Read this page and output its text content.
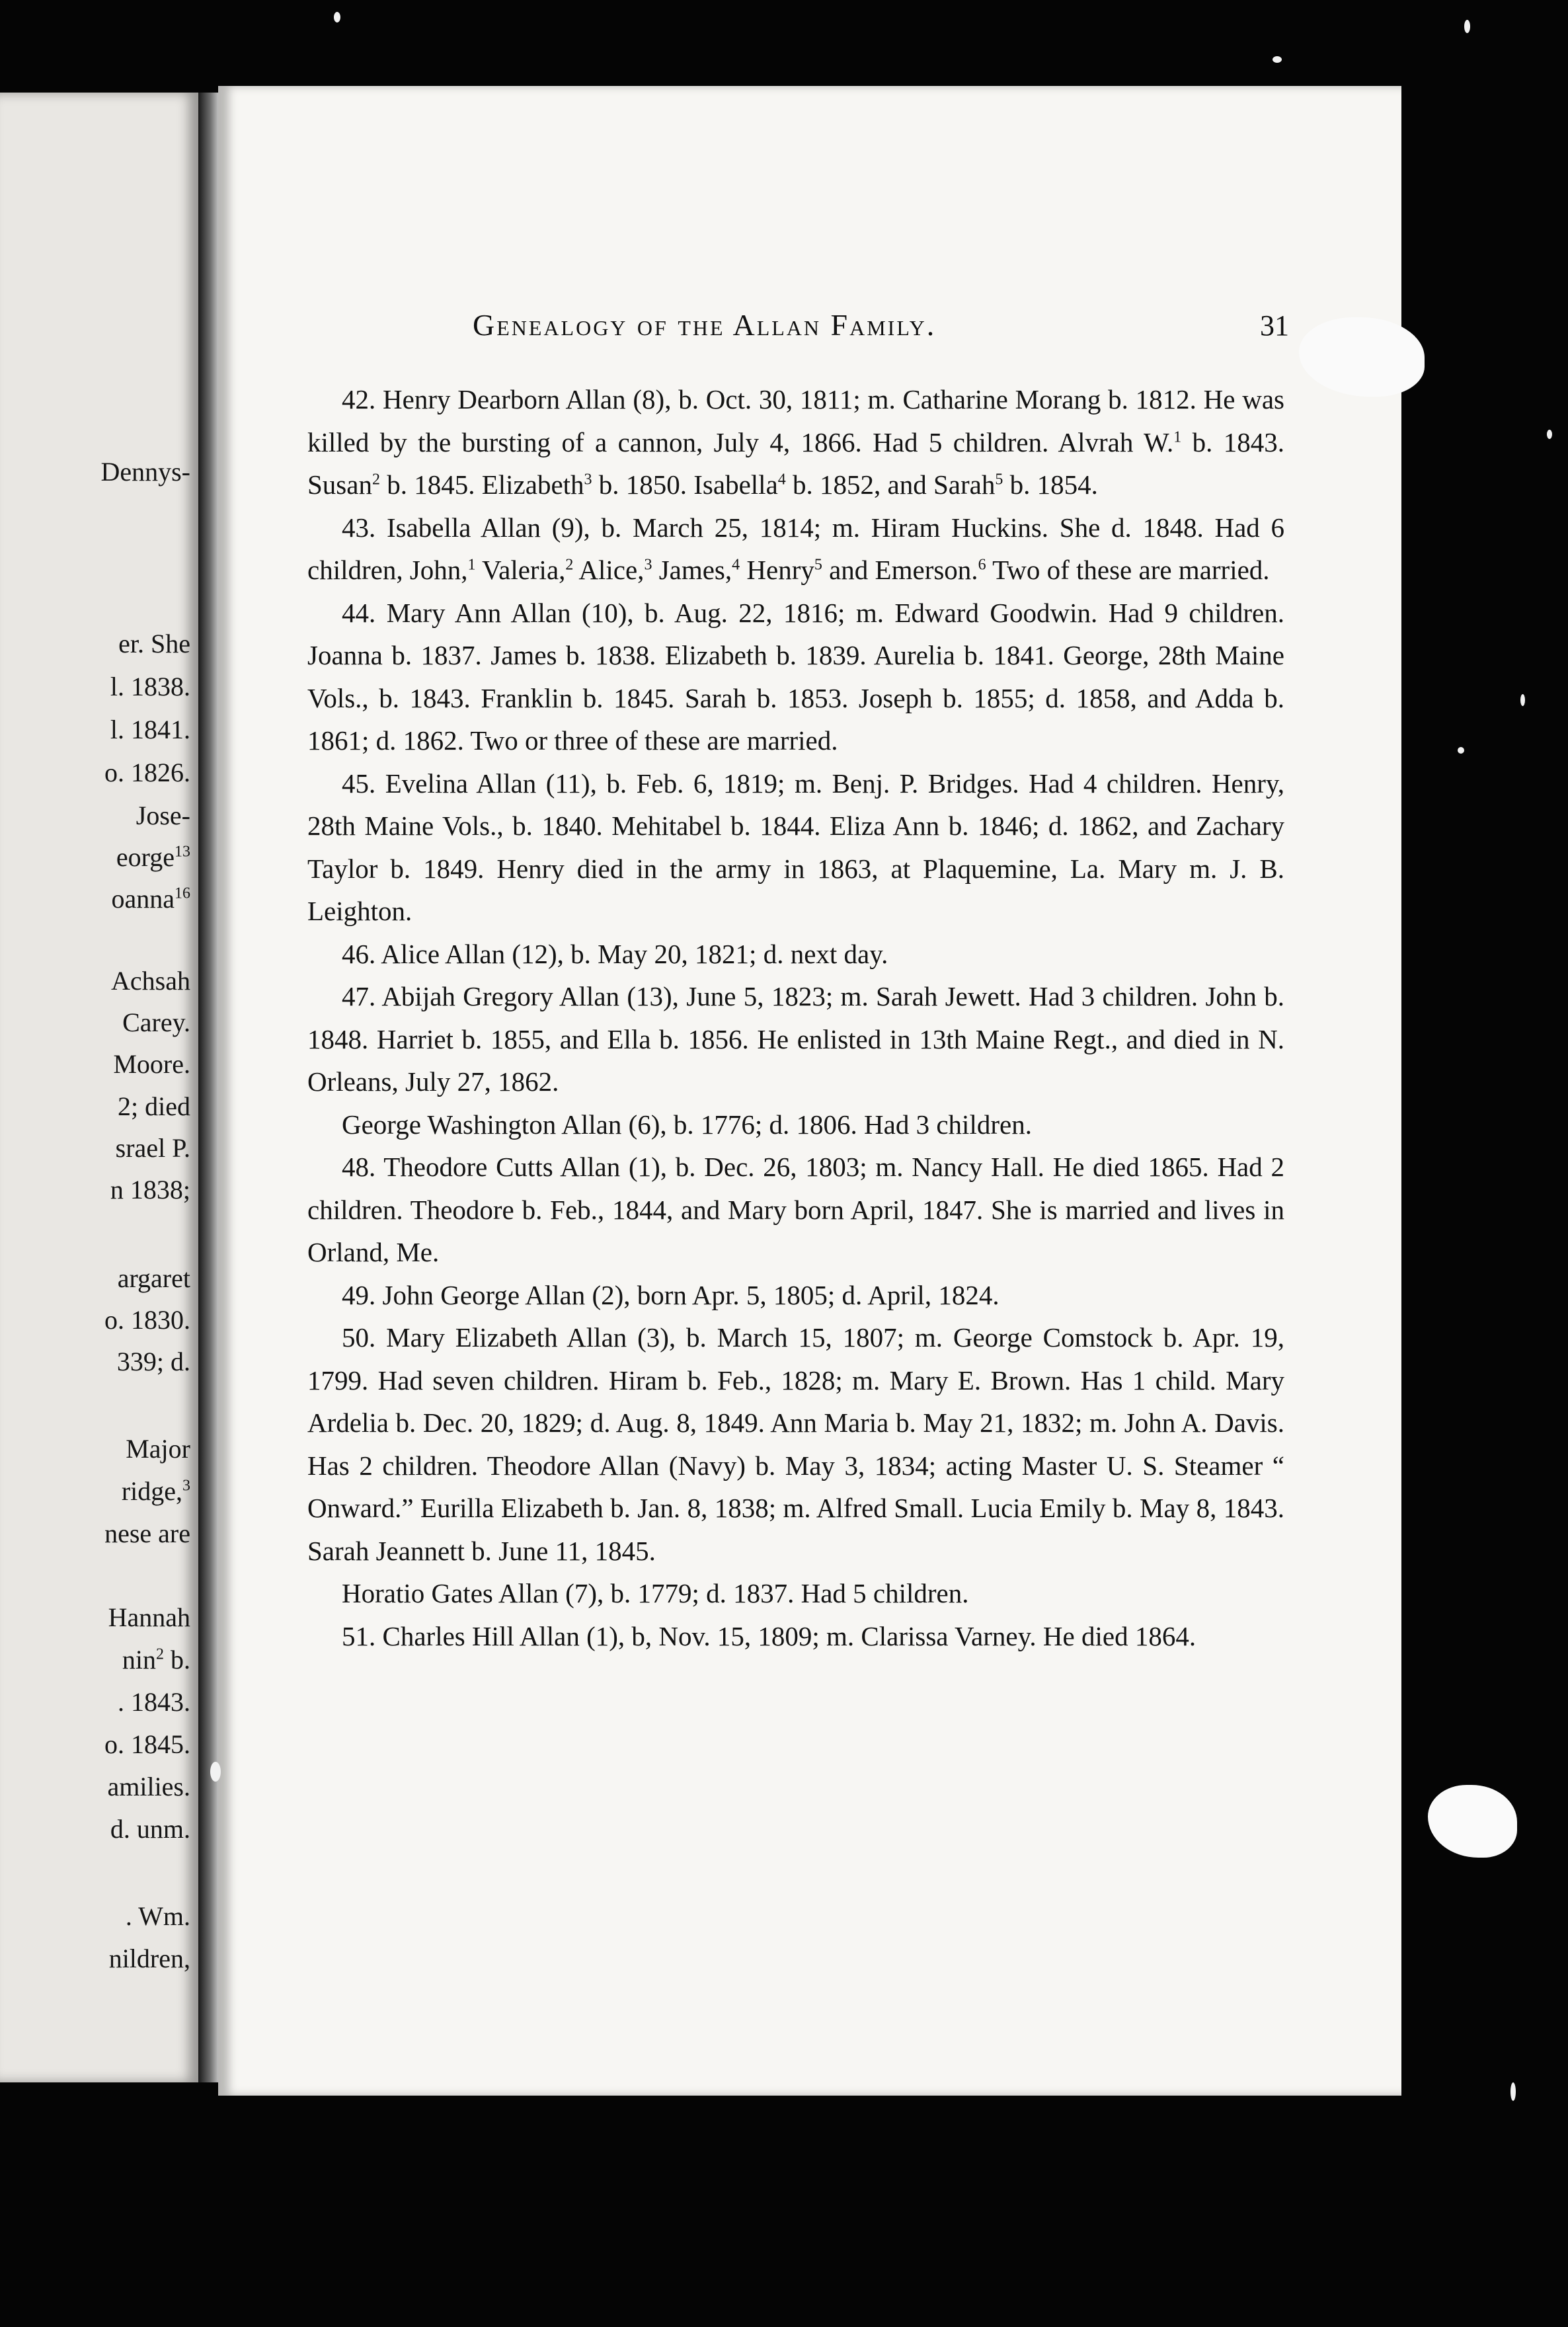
Dennys-
er. She
l. 1838.
l. 1841.
o. 1826.
Jose-
eorge$^{13}$
oanna$^{16}$
Achsah
Carey.
Moore.
2; died
srael P.
n 1838;
argaret
o. 1830.
339; d.
Major
ridge,$^3$
nese are
Hannah
nin$^2$ b.
. 1843.
o. 1845.
amilies.
d. unm.
. Wm.
nildren,
Genealogy of the Allan Family.	31

42. Henry Dearborn Allan (8), b. Oct. 30, 1811; m. Catharine Morang b. 1812. He was killed by the bursting of a cannon, July 4, 1866. Had 5 children. Alvrah W.$^1$ b. 1843. Susan$^2$ b. 1845. Elizabeth$^3$ b. 1850. Isabella$^4$ b. 1852, and Sarah$^5$ b. 1854.

43. Isabella Allan (9), b. March 25, 1814; m. Hiram Huckins. She d. 1848. Had 6 children, John,$^1$ Valeria,$^2$ Alice,$^3$ James,$^4$ Henry$^5$ and Emerson.$^6$ Two of these are married.

44. Mary Ann Allan (10), b. Aug. 22, 1816; m. Edward Goodwin. Had 9 children. Joanna b. 1837. James b. 1838. Elizabeth b. 1839. Aurelia b. 1841. George, 28th Maine Vols., b. 1843. Franklin b. 1845. Sarah b. 1853. Joseph b. 1855; d. 1858, and Adda b. 1861; d. 1862. Two or three of these are married.

45. Evelina Allan (11), b. Feb. 6, 1819; m. Benj. P. Bridges. Had 4 children. Henry, 28th Maine Vols., b. 1840. Mehitabel b. 1844. Eliza Ann b. 1846; d. 1862, and Zachary Taylor b. 1849. Henry died in the army in 1863, at Plaquemine, La. Mary m. J. B. Leighton.

46. Alice Allan (12), b. May 20, 1821; d. next day.

47. Abijah Gregory Allan (13), June 5, 1823; m. Sarah Jewett. Had 3 children. John b. 1848. Harriet b. 1855, and Ella b. 1856. He enlisted in 13th Maine Regt., and died in N. Orleans, July 27, 1862.

George Washington Allan (6), b. 1776; d. 1806. Had 3 children.

48. Theodore Cutts Allan (1), b. Dec. 26, 1803; m. Nancy Hall. He died 1865. Had 2 children. Theodore b. Feb., 1844, and Mary born April, 1847. She is married and lives in Orland, Me.

49. John George Allan (2), born Apr. 5, 1805; d. April, 1824.

50. Mary Elizabeth Allan (3), b. March 15, 1807; m. George Comstock b. Apr. 19, 1799. Had seven children. Hiram b. Feb., 1828; m. Mary E. Brown. Has 1 child. Mary Ardelia b. Dec. 20, 1829; d. Aug. 8, 1849. Ann Maria b. May 21, 1832; m. John A. Davis. Has 2 children. Theodore Allan (Navy) b. May 3, 1834; acting Master U. S. Steamer “ Onward.” Eurilla Elizabeth b. Jan. 8, 1838; m. Alfred Small. Lucia Emily b. May 8, 1843. Sarah Jeannett b. June 11, 1845.

Horatio Gates Allan (7), b. 1779; d. 1837. Had 5 children.

51. Charles Hill Allan (1), b, Nov. 15, 1809; m. Clarissa Varney. He died 1864.
